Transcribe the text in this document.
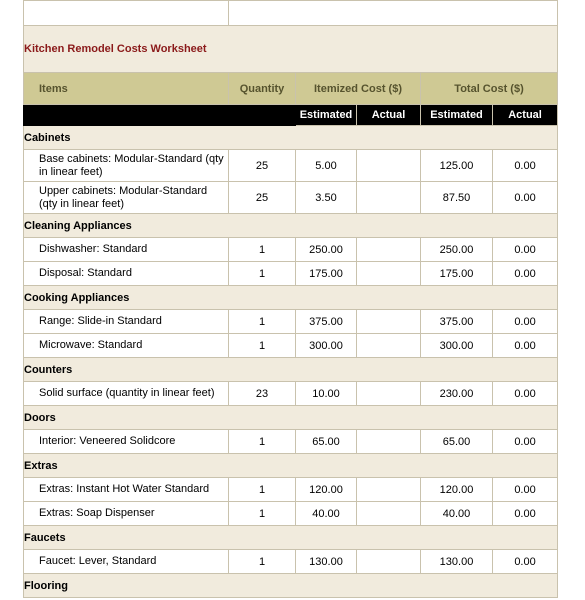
Kitchen Remodel Costs Worksheet					
Items	Quantity	Itemized Cost ($)		Total Cost ($)	
		Estimated	Actual	Estimated	Actual
Cabinets					
Base cabinets: Modular-Standard (qty in linear feet)	25	5.00		125.00	0.00
Upper cabinets: Modular-Standard (qty in linear feet)	25	3.50		87.50	0.00
Cleaning Appliances					
Dishwasher: Standard	1	250.00		250.00	0.00
Disposal: Standard	1	175.00		175.00	0.00
Cooking Appliances					
Range: Slide-in Standard	1	375.00		375.00	0.00
Microwave: Standard	1	300.00		300.00	0.00
Counters					
Solid surface (quantity in linear feet)	23	10.00		230.00	0.00
Doors					
Interior: Veneered Solidcore	1	65.00		65.00	0.00
Extras					
Extras: Instant Hot Water Standard	1	120.00		120.00	0.00
Extras: Soap Dispenser	1	40.00		40.00	0.00
Faucets					
Faucet: Lever, Standard	1	130.00		130.00	0.00
Flooring					
